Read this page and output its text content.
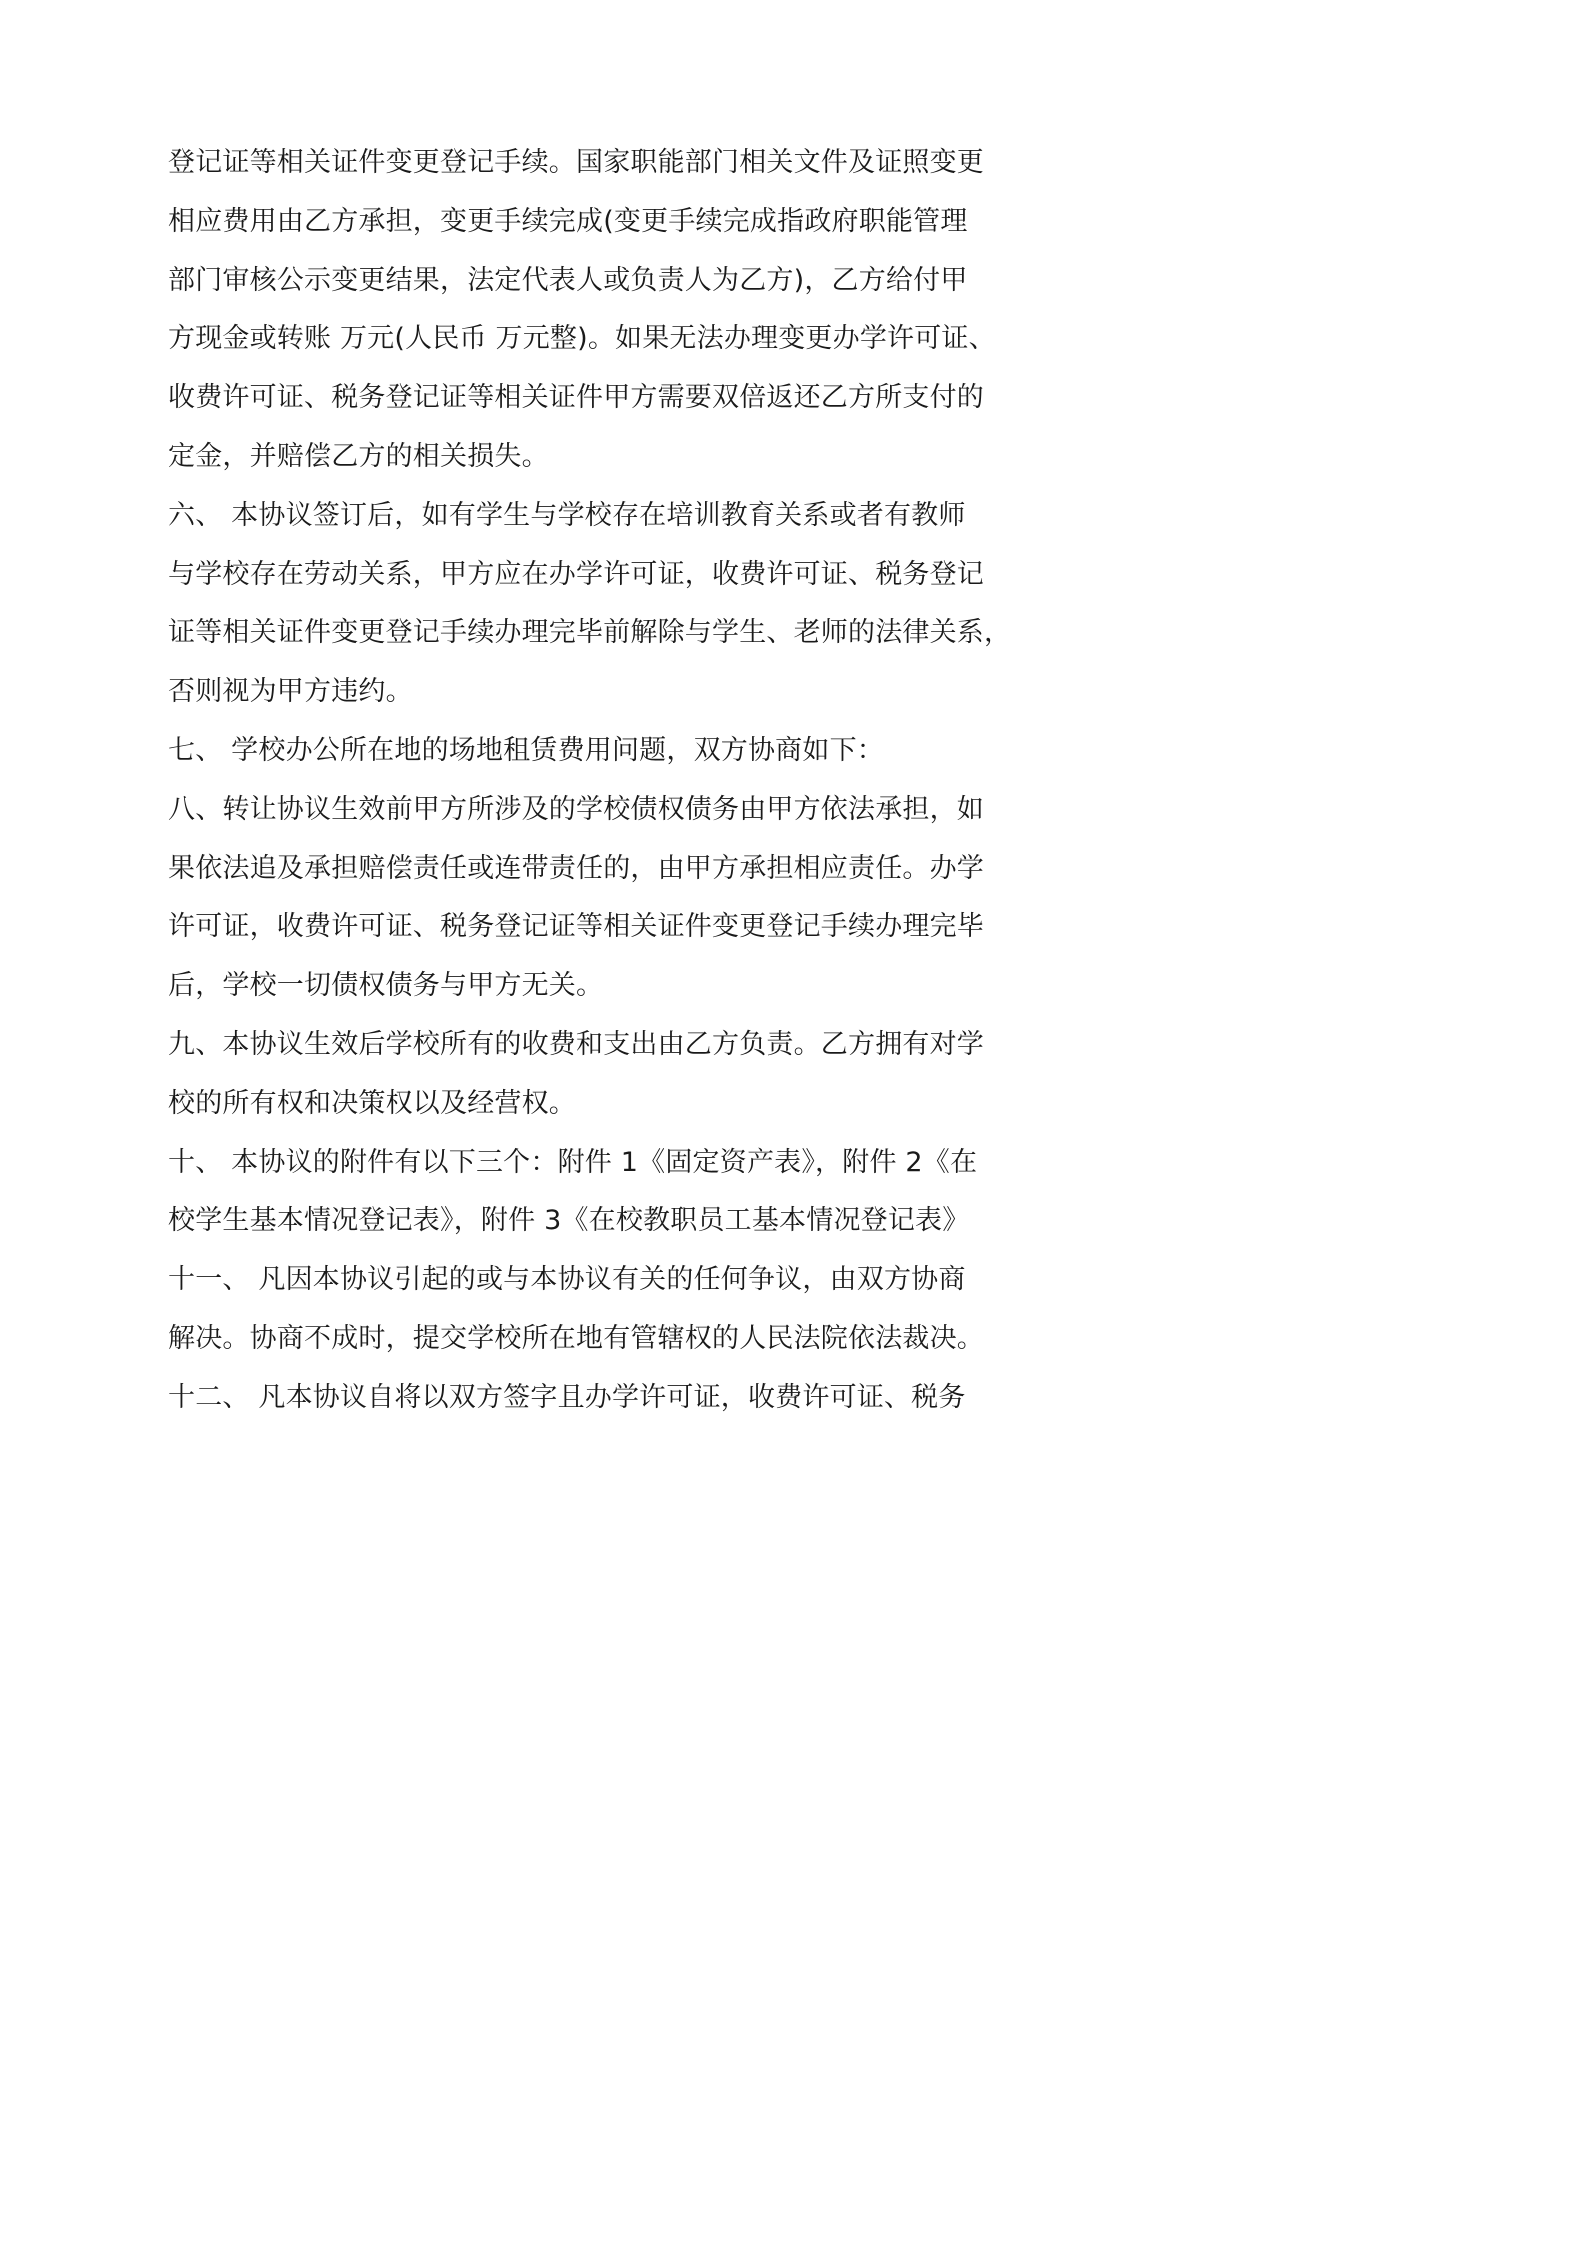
登记证等相关证件变更登记手续。国家职能部门相关文件及证照变更
相应费用由乙方承担，变更手续完成(变更手续完成指政府职能管理
部门审核公示变更结果，法定代表人或负责人为乙方)，乙方给付甲
方现金或转账 万元(人民币 万元整)。如果无法办理变更办学许可证、
收费许可证、税务登记证等相关证件甲方需要双倍返还乙方所支付的
定金，并赔偿乙方的相关损失。
六、 本协议签订后，如有学生与学校存在培训教育关系或者有教师
与学校存在劳动关系，甲方应在办学许可证，收费许可证、税务登记
证等相关证件变更登记手续办理完毕前解除与学生、老师的法律关系，
否则视为甲方违约。
七、 学校办公所在地的场地租赁费用问题，双方协商如下：
八、转让协议生效前甲方所涉及的学校债权债务由甲方依法承担，如
果依法追及承担赔偿责任或连带责任的，由甲方承担相应责任。办学
许可证，收费许可证、税务登记证等相关证件变更登记手续办理完毕
后，学校一切债权债务与甲方无关。
九、本协议生效后学校所有的收费和支出由乙方负责。乙方拥有对学
校的所有权和决策权以及经营权。
十、 本协议的附件有以下三个：附件 1《固定资产表》，附件 2《在
校学生基本情况登记表》，附件 3《在校教职员工基本情况登记表》
十一、 凡因本协议引起的或与本协议有关的任何争议，由双方协商
解决。协商不成时，提交学校所在地有管辖权的人民法院依法裁决。
十二、 凡本协议自将以双方签字且办学许可证，收费许可证、税务
